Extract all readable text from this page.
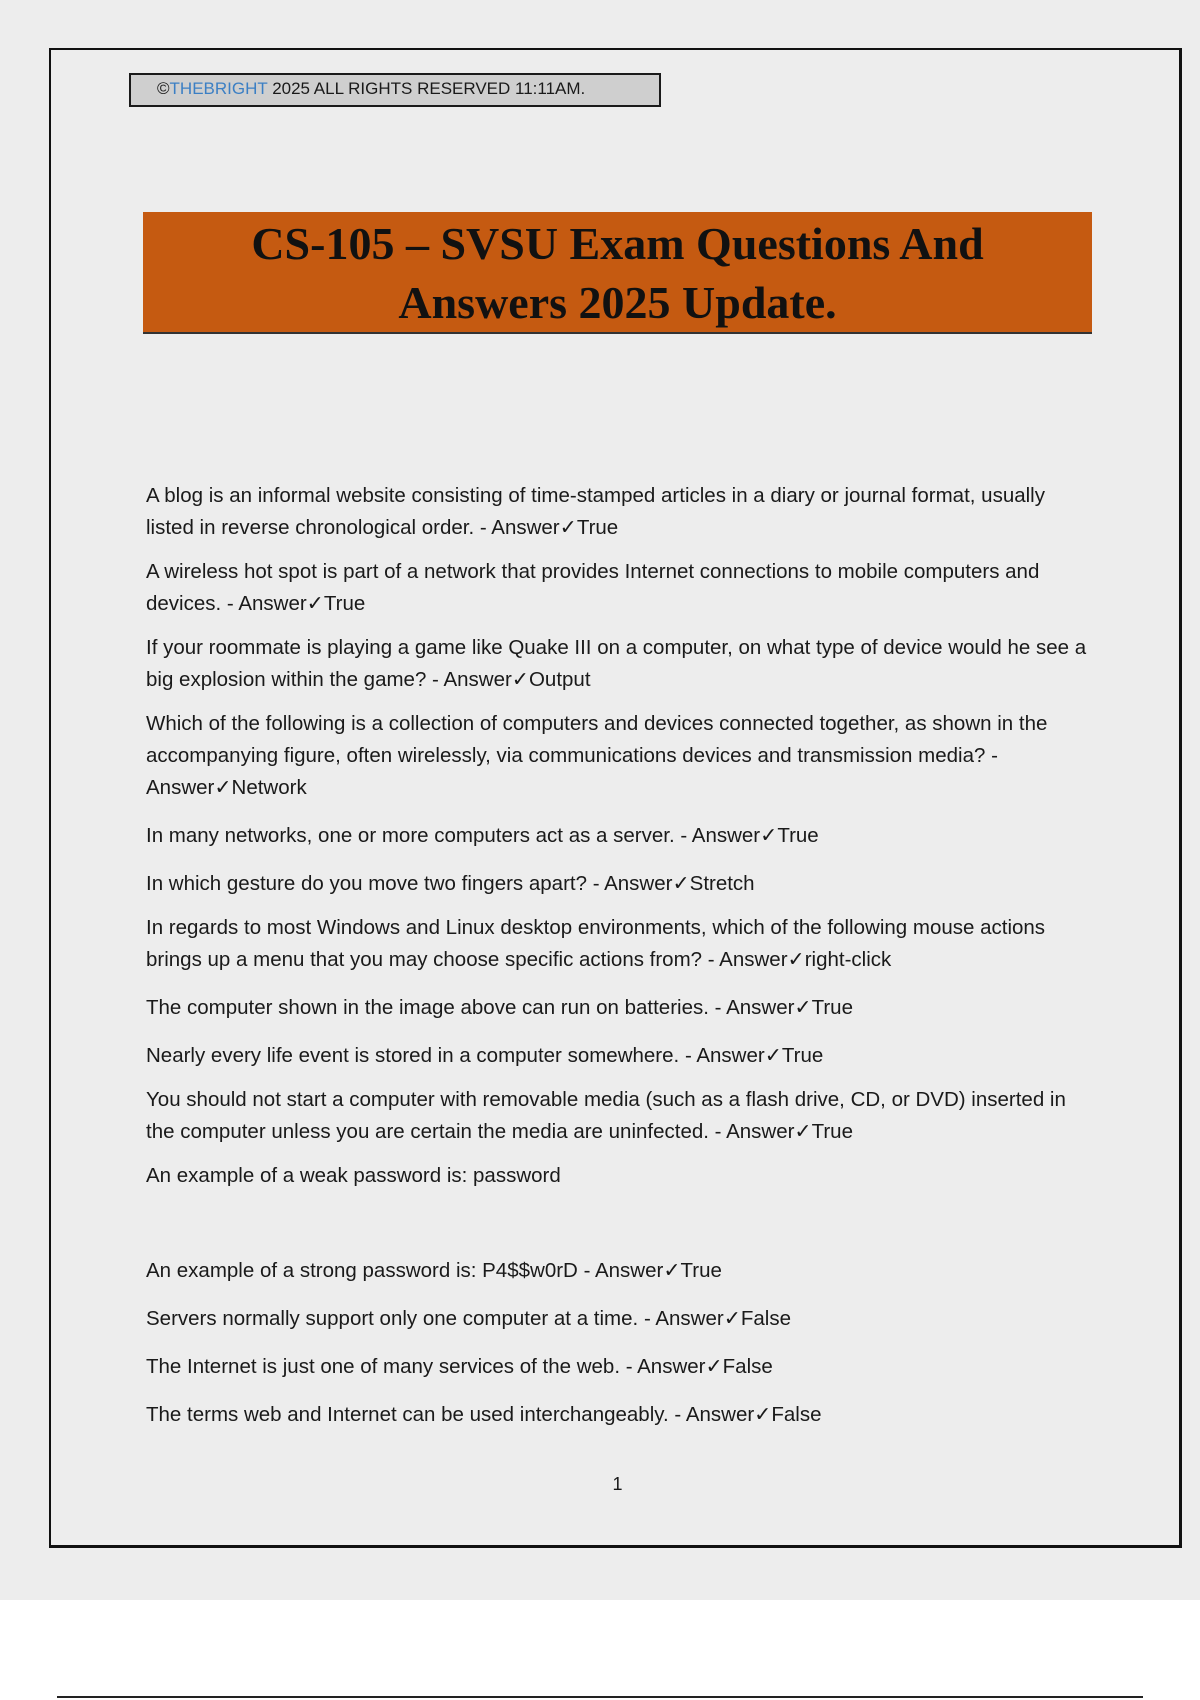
©THEBRIGHT 2025 ALL RIGHTS RESERVED 11:11AM.
CS-105 – SVSU Exam Questions And
Answers 2025 Update.

A blog is an informal website consisting of time-stamped articles in a diary or journal format, usually listed in reverse chronological order. - Answer✓True

A wireless hot spot is part of a network that provides Internet connections to mobile computers and devices. - Answer✓True

If your roommate is playing a game like Quake III on a computer, on what type of device would he see a big explosion within the game? - Answer✓Output

Which of the following is a collection of computers and devices connected together, as shown in the accompanying figure, often wirelessly, via communications devices and transmission media? -Answer✓Network

In many networks, one or more computers act as a server. - Answer✓True

In which gesture do you move two fingers apart? - Answer✓Stretch

In regards to most Windows and Linux desktop environments, which of the following mouse actions brings up a menu that you may choose specific actions from? - Answer✓right-click

The computer shown in the image above can run on batteries. - Answer✓True

Nearly every life event is stored in a computer somewhere. - Answer✓True

You should not start a computer with removable media (such as a flash drive, CD, or DVD) inserted in the computer unless you are certain the media are uninfected. - Answer✓True

An example of a weak password is: password

An example of a strong password is: P4$$w0rD - Answer✓True

Servers normally support only one computer at a time. - Answer✓False

The Internet is just one of many services of the web. - Answer✓False

The terms web and Internet can be used interchangeably. - Answer✓False

1
